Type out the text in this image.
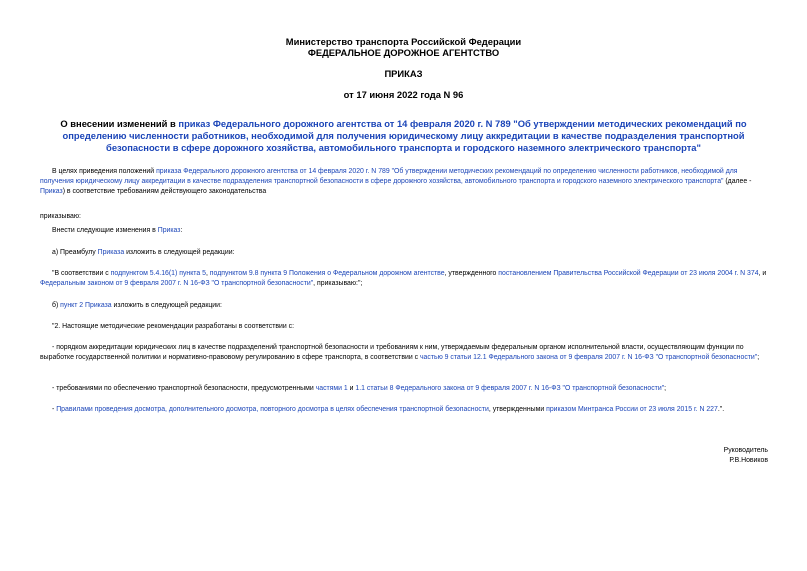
Министерство транспорта Российской Федерации
ФЕДЕРАЛЬНОЕ ДОРОЖНОЕ АГЕНТСТВО
ПРИКАЗ
от 17 июня 2022 года N 96
О внесении изменений в приказ Федерального дорожного агентства от 14 февраля 2020 г. N 789 "Об утверждении методических рекомендаций по определению численности работников, необходимой для получения юридическому лицу аккредитации в качестве подразделения транспортной безопасности в сфере дорожного хозяйства, автомобильного транспорта и городского наземного электрического транспорта"
В целях приведения положений приказа Федерального дорожного агентства от 14 февраля 2020 г. N 789 "Об утверждении методических рекомендаций по определению численности работников, необходимой для получения юридическому лицу аккредитации в качестве подразделения транспортной безопасности в сфере дорожного хозяйства, автомобильного транспорта и городского наземного электрического транспорта" (далее - Приказ) в соответствие требованиям действующего законодательства
приказываю:
Внести следующие изменения в Приказ:
а) Преамбулу Приказа изложить в следующей редакции:
"В соответствии с подпунктом 5.4.16(1) пункта 5, подпунктом 9.8 пункта 9 Положения о Федеральном дорожном агентстве, утвержденного постановлением Правительства Российской Федерации от 23 июля 2004 г. N 374, и Федеральным законом от 9 февраля 2007 г. N 16-ФЗ "О транспортной безопасности", приказываю:";
б) пункт 2 Приказа изложить в следующей редакции:
"2. Настоящие методические рекомендации разработаны в соответствии с:
- порядком аккредитации юридических лиц в качестве подразделений транспортной безопасности и требованиям к ним, утверждаемым федеральным органом исполнительной власти, осуществляющим функции по выработке государственной политики и нормативно-правовому регулированию в сфере транспорта, в соответствии с частью 9 статьи 12.1 Федерального закона от 9 февраля 2007 г. N 16-ФЗ "О транспортной безопасности";
- требованиями по обеспечению транспортной безопасности, предусмотренными частями 1 и 1.1 статьи 8 Федерального закона от 9 февраля 2007 г. N 16-ФЗ "О транспортной безопасности";
- Правилами проведения досмотра, дополнительного досмотра, повторного досмотра в целях обеспечения транспортной безопасности, утвержденными приказом Минтранса России от 23 июля 2015 г. N 227.".
Руководитель
Р.В.Новиков
